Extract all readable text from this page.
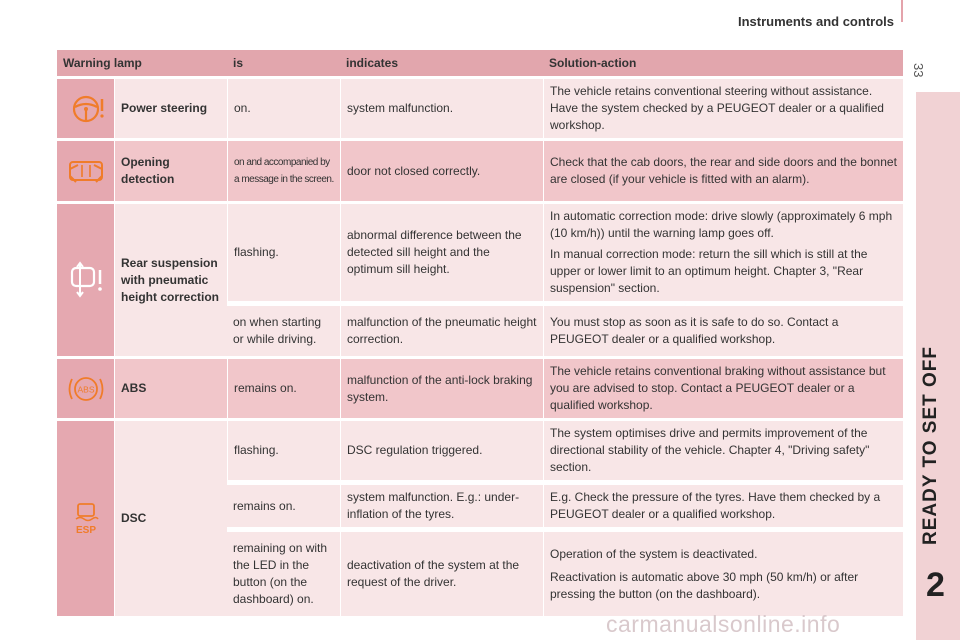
Instruments and controls
33
READY TO SET OFF
2
Warning lamp		is	indicates	Solution-action

	Power steering	on.	system malfunction.	The vehicle retains conventional steering without assistance. Have the system checked by a PEUGEOT dealer or a qualified workshop.

	Opening detection	on and accompanied by a message in the screen.	door not closed correctly.	Check that the cab doors, the rear and side doors and the bonnet are closed (if your vehicle is fitted with an alarm).

	Rear suspension with pneumatic height correction	flashing.	abnormal difference between the detected sill height and the optimum sill height.	In automatic correction mode: drive slowly (approximately 6 mph (10 km/h)) until the warning lamp goes off.
In manual correction mode: return the sill which is still at the upper or lower limit to an optimum height. Chapter 3, "Rear suspension" section.

		on when starting or while driving.	malfunction of the pneumatic height correction.	You must stop as soon as it is safe to do so. Contact a PEUGEOT dealer or a qualified workshop.

ABS	ABS	remains on.	malfunction of the anti-lock braking system.	The vehicle retains conventional braking without assistance but you are advised to stop. Contact a PEUGEOT dealer or a qualified workshop.

ESP	DSC	flashing.	DSC regulation triggered.	The system optimises drive and permits improvement of the directional stability of the vehicle. Chapter 4, "Driving safety" section.
		remains on.	system malfunction. E.g.: under-inflation of the tyres.	E.g. Check the pressure of the tyres. Have them checked by a PEUGEOT dealer or a qualified workshop.
		remaining on with the LED in the button (on the dashboard) on.	deactivation of the system at the request of the driver.	Operation of the system is deactivated.
Reactivation is automatic above 30 mph (50 km/h) or after pressing the button (on the dashboard).
carmanualsonline.info
